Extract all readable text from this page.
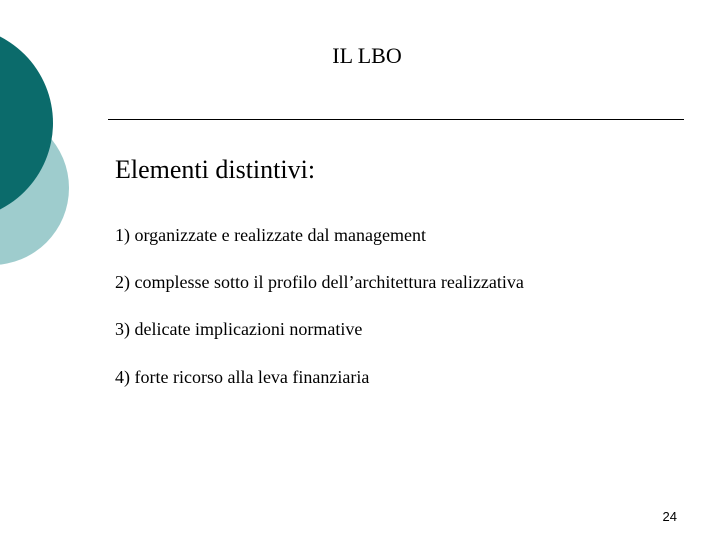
IL LBO
Elementi distintivi:
1) organizzate e realizzate dal management
2) complesse sotto il profilo dell’architettura realizzativa
3) delicate implicazioni normative
4) forte ricorso alla leva finanziaria
24
